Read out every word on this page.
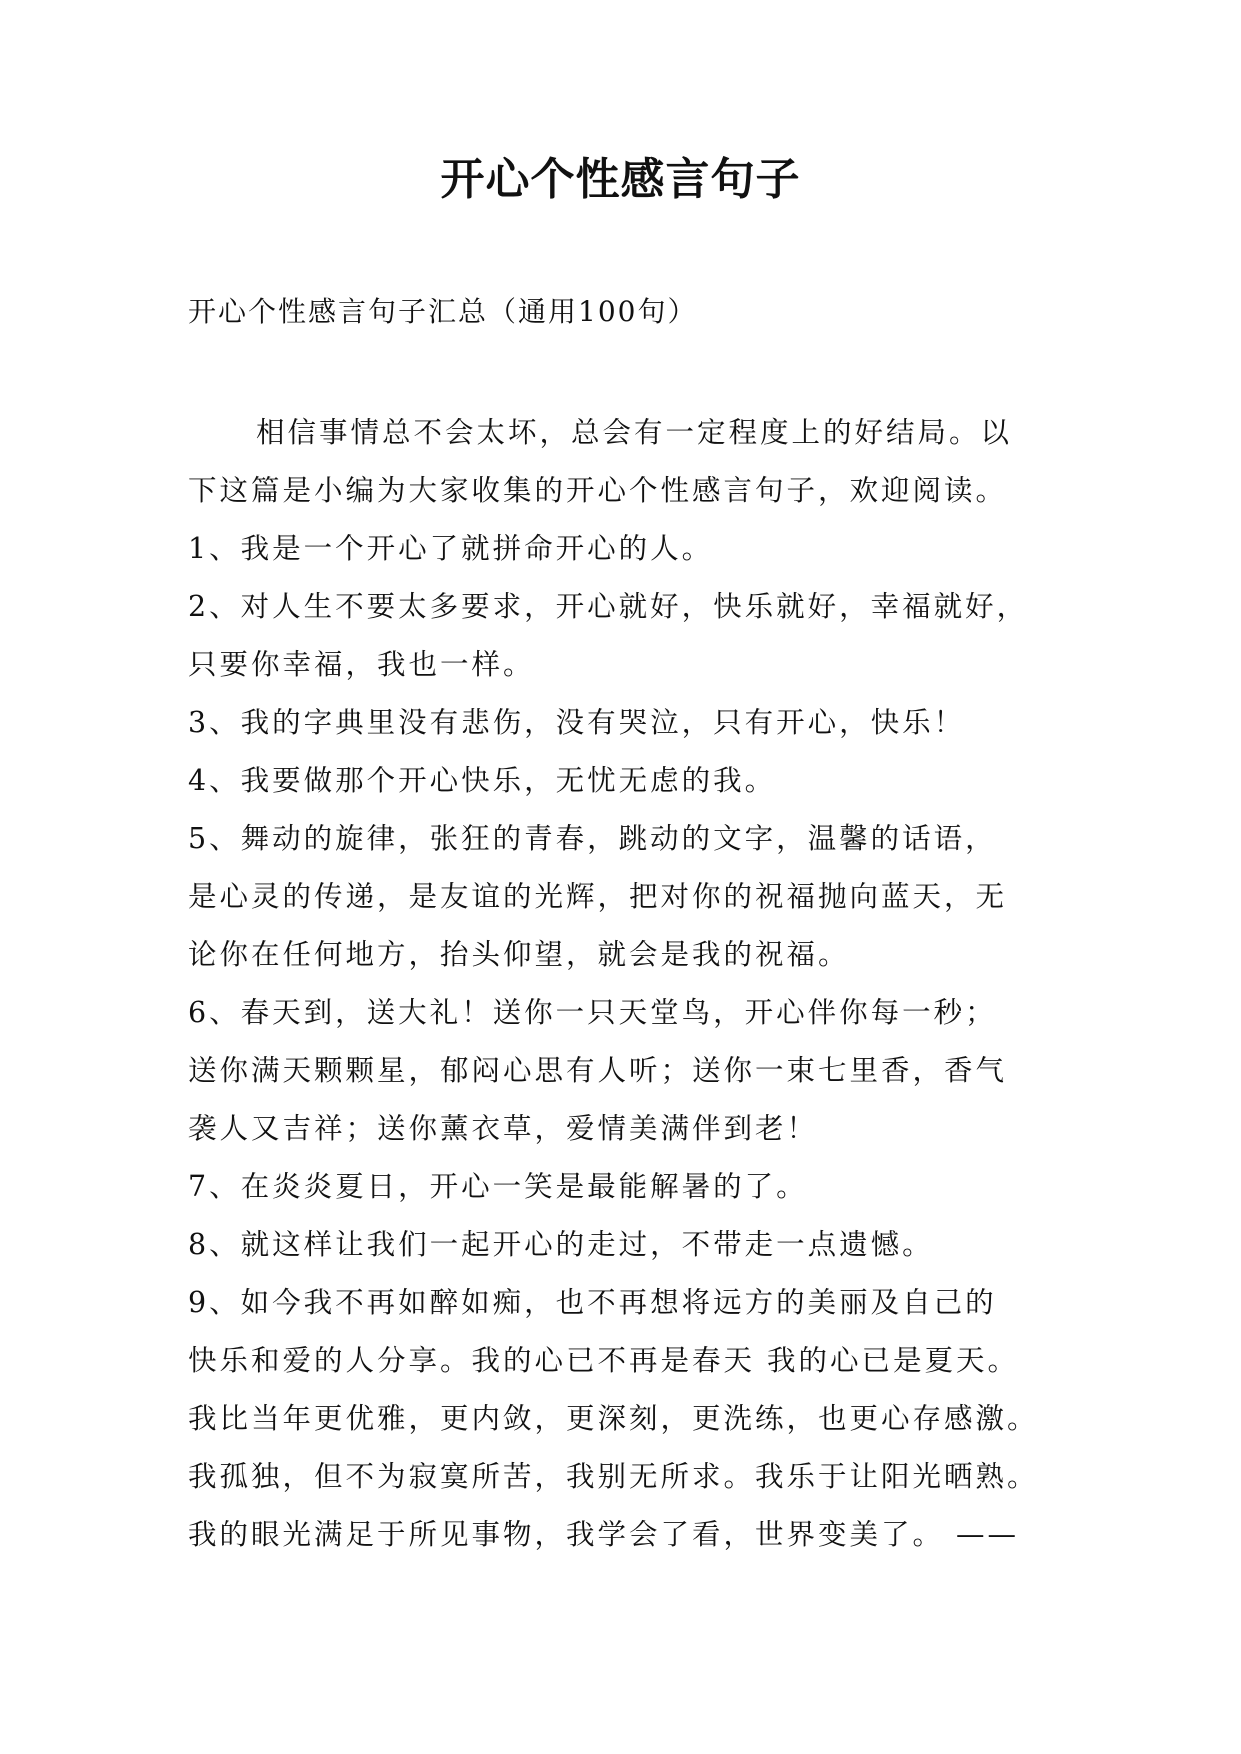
开心个性感言句子

开心个性感言句子汇总（通用100句）

相信事情总不会太坏，总会有一定程度上的好结局。以

下这篇是小编为大家收集的开心个性感言句子，欢迎阅读。

1、我是一个开心了就拼命开心的人。

2、对人生不要太多要求，开心就好，快乐就好，幸福就好，

只要你幸福，我也一样。

3、我的字典里没有悲伤，没有哭泣，只有开心，快乐！

4、我要做那个开心快乐，无忧无虑的我。

5、舞动的旋律，张狂的青春，跳动的文字，温馨的话语，

是心灵的传递，是友谊的光辉，把对你的祝福抛向蓝天，无

论你在任何地方，抬头仰望，就会是我的祝福。

6、春天到，送大礼！送你一只天堂鸟，开心伴你每一秒；

送你满天颗颗星，郁闷心思有人听；送你一束七里香，香气

袭人又吉祥；送你薰衣草，爱情美满伴到老！

7、在炎炎夏日，开心一笑是最能解暑的了。

8、就这样让我们一起开心的走过，不带走一点遗憾。

9、如今我不再如醉如痴，也不再想将远方的美丽及自己的

快乐和爱的人分享。我的心已不再是春天 我的心已是夏天。

我比当年更优雅，更内敛，更深刻，更洗练，也更心存感激。

我孤独，但不为寂寞所苦，我别无所求。我乐于让阳光晒熟。

我的眼光满足于所见事物，我学会了看，世界变美了。 ——
